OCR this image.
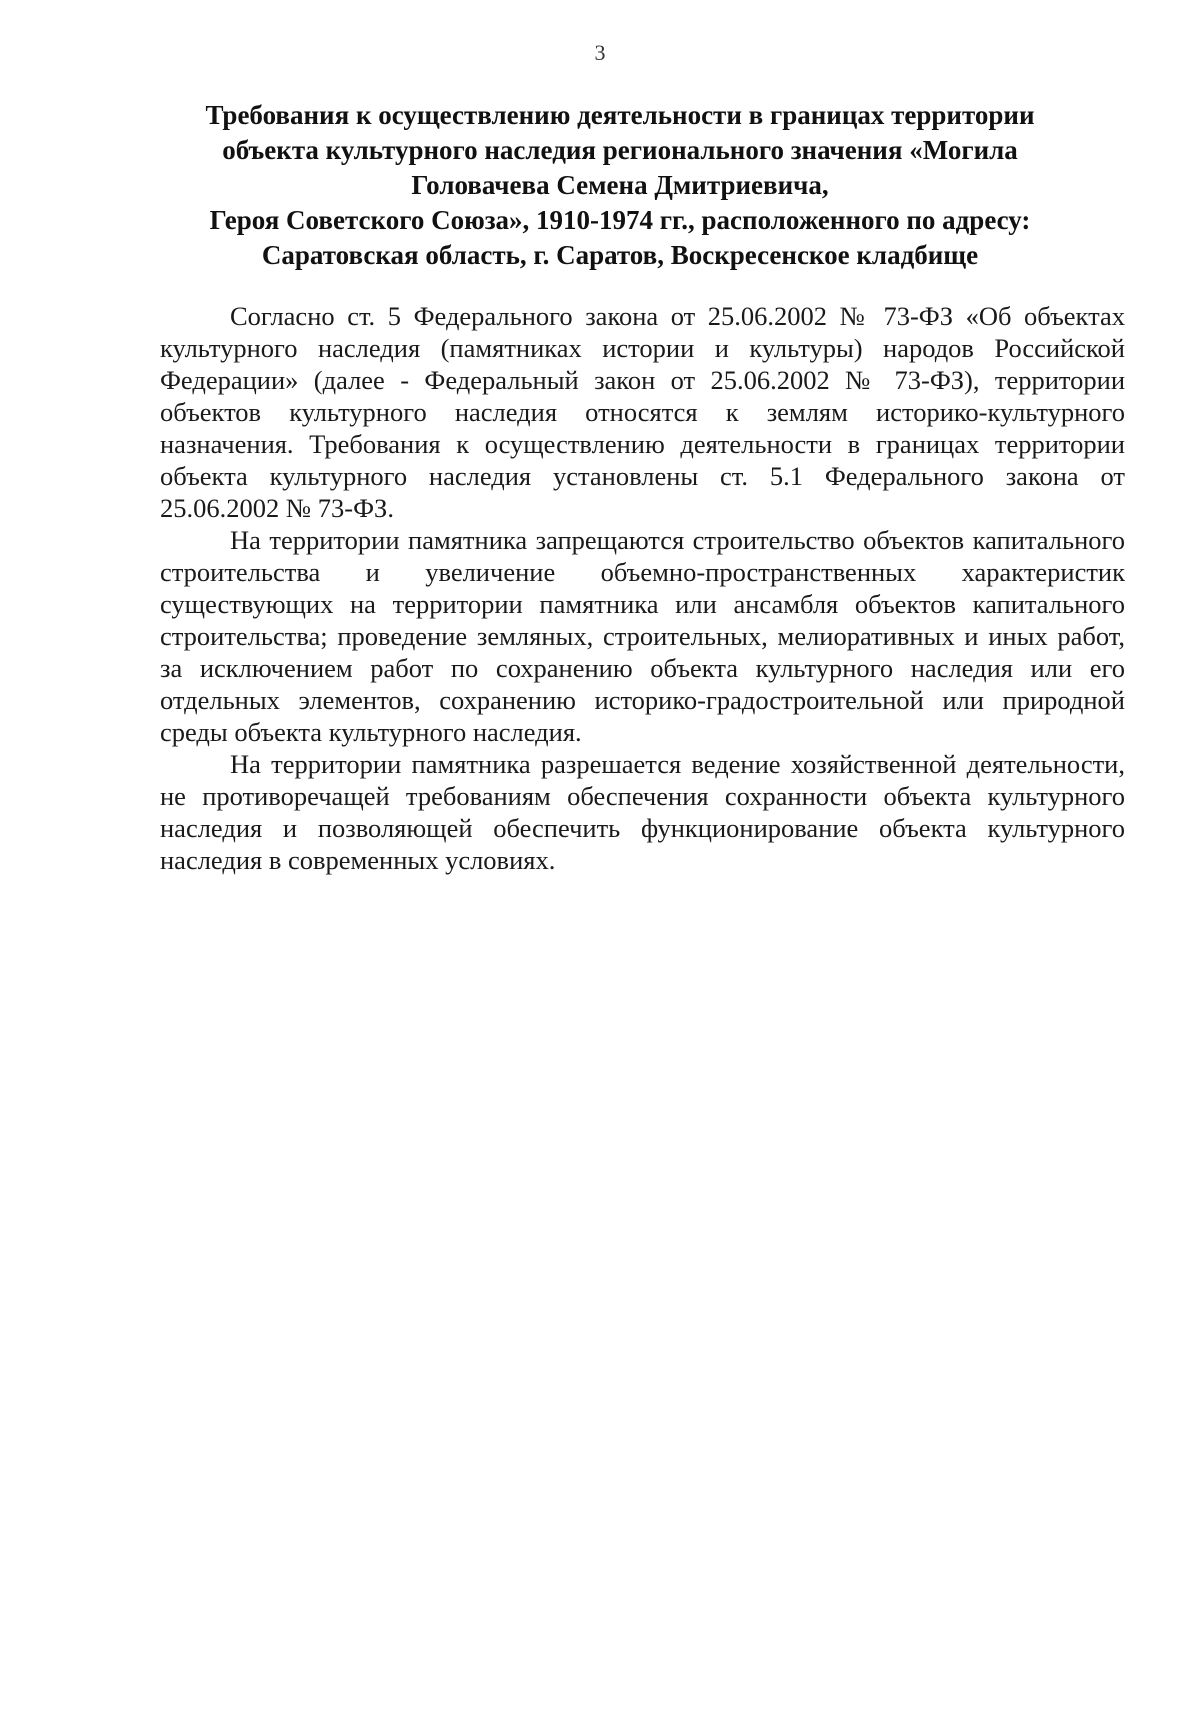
3
Требования к осуществлению деятельности в границах территории
объекта культурного наследия регионального значения «Могила
Головачева Семена Дмитриевича,
Героя Советского Союза», 1910-1974 гг., расположенного по адресу:
Саратовская область, г. Саратов, Воскресенское кладбище

Согласно ст. 5 Федерального закона от 25.06.2002 № 73-ФЗ «Об объектах культурного наследия (памятниках истории и культуры) народов Российской Федерации» (далее - Федеральный закон от 25.06.2002 № 73-ФЗ), территории объектов культурного наследия относятся к землям историко-культурного назначения. Требования к осуществлению деятельности в границах территории объекта культурного наследия установлены ст. 5.1 Федерального закона от 25.06.2002 № 73-ФЗ.

На территории памятника запрещаются строительство объектов капитального строительства и увеличение объемно-пространственных характеристик существующих на территории памятника или ансамбля объектов капитального строительства; проведение земляных, строительных, мелиоративных и иных работ, за исключением работ по сохранению объекта культурного наследия или его отдельных элементов, сохранению историко-градостроительной или природной среды объекта культурного наследия.

На территории памятника разрешается ведение хозяйственной деятельности, не противоречащей требованиям обеспечения сохранности объекта культурного наследия и позволяющей обеспечить функционирование объекта культурного наследия в современных условиях.
